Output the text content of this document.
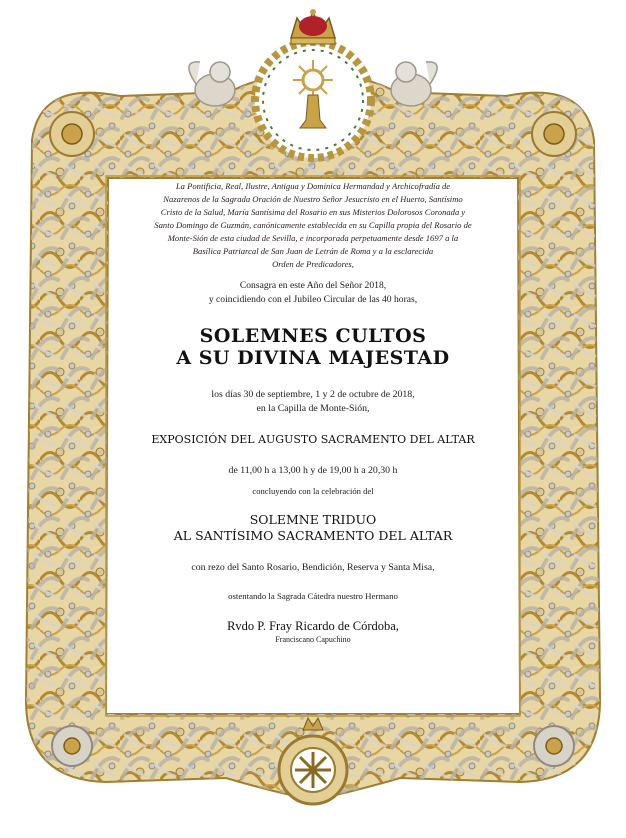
La Pontificia, Real, Ilustre, Antigua y Dominica Hermandad y Archicofradía de
Nazarenos de la Sagrada Oración de Nuestro Señor Jesucristo en el Huerto, Santísimo
Cristo de la Salud, María Santísima del Rosario en sus Misterios Dolorosos Coronada y
Santo Domingo de Guzmán, canónicamente establecida en su Capilla propia del Rosario de
Monte-Sión de esta ciudad de Sevilla, e incorporada perpetuamente desde 1697 a la
Basílica Patriarcal de San Juan de Letrán de Roma y a la esclarecida
Orden de Predicadores,

Consagra en este Año del Señor 2018,
y coincidiendo con el Jubileo Circular de las 40 horas,

SOLEMNES CULTOS
A SU DIVINA MAJESTAD

los días 30 de septiembre, 1 y 2 de octubre de 2018,
en la Capilla de Monte-Sión,

EXPOSICIÓN DEL AUGUSTO SACRAMENTO DEL ALTAR

de 11,00 h a 13,00 h y de 19,00 h a 20,30 h

concluyendo con la celebración del

SOLEMNE TRIDUO
AL SANTÍSIMO SACRAMENTO DEL ALTAR

con rezo del Santo Rosario, Bendición, Reserva y Santa Misa,

ostentando la Sagrada Cátedra nuestro Hermano

Rvdo P. Fray Ricardo de Córdoba,

Franciscano Capuchino
